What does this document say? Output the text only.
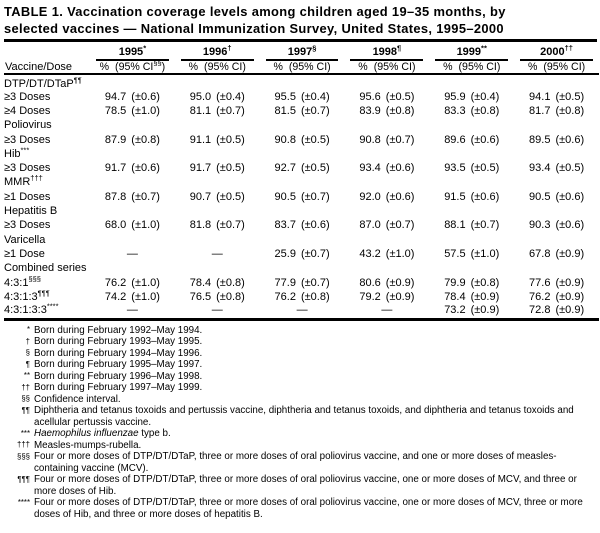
TABLE 1. Vaccination coverage levels among children aged 19–35 months, by
selected vaccines — National Immunization Survey, United States, 1995–2000

	1995*	1996†	1997§	1998¶	1999**	2000††

Vaccine/Dose	% (95% CI§§)	% (95% CI)	% (95% CI)	% (95% CI)	% (95% CI)	% (95% CI)
DTP/DT/DTaP¶¶
≥3 Doses	94.7 (±0.6)	95.0 (±0.4)	95.5 (±0.4)	95.6 (±0.5)	95.9 (±0.4)	94.1 (±0.5)
≥4 Doses	78.5 (±1.0)	81.1 (±0.7)	81.5 (±0.7)	83.9 (±0.8)	83.3 (±0.8)	81.7 (±0.8)
Poliovirus						
≥3 Doses	87.9 (±0.8)	91.1 (±0.5)	90.8 (±0.5)	90.8 (±0.7)	89.6 (±0.6)	89.5 (±0.6)
Hib***
≥3 Doses	91.7 (±0.6)	91.7 (±0.5)	92.7 (±0.5)	93.4 (±0.6)	93.5 (±0.5)	93.4 (±0.5)
MMR†††
≥1 Doses	87.8 (±0.7)	90.7 (±0.5)	90.5 (±0.7)	92.0 (±0.6)	91.5 (±0.6)	90.5 (±0.6)
Hepatitis B						
≥3 Doses	68.0 (±1.0)	81.8 (±0.7)	83.7 (±0.6)	87.0 (±0.7)	88.1 (±0.7)	90.3 (±0.6)
Varicella						
≥1 Dose	—	—	25.9 (±0.7)	43.2 (±1.0)	57.5 (±1.0)	67.8 (±0.9)
Combined series						
4:3:1§§§	76.2 (±1.0)	78.4 (±0.8)	77.9 (±0.7)	80.6 (±0.9)	79.9 (±0.8)	77.6 (±0.9)
4:3:1:3¶¶¶	74.2 (±1.0)	76.5 (±0.8)	76.2 (±0.8)	79.2 (±0.9)	78.4 (±0.9)	76.2 (±0.9)
4:3:1:3:3****	—	—	—	—	73.2 (±0.9)	72.8 (±0.9)
* Born during February 1992–May 1994.
† Born during February 1993–May 1995.
§ Born during February 1994–May 1996.
¶ Born during February 1995–May 1997.
** Born during February 1996–May 1998.
†† Born during February 1997–May 1999.
§§ Confidence interval.
¶¶ Diphtheria and tetanus toxoids and pertussis vaccine, diphtheria and tetanus toxoids, and diphtheria and tetanus toxoids and acellular pertussis vaccine.
*** Haemophilus influenzae type b.
††† Measles-mumps-rubella.
§§§ Four or more doses of DTP/DT/DTaP, three or more doses of oral poliovirus vaccine, and one or more doses of measles-containing vaccine (MCV).
¶¶¶ Four or more doses of DTP/DT/DTaP, three or more doses of oral poliovirus vaccine, one or more doses of MCV, and three or more doses of Hib.
**** Four or more doses of DTP/DT/DTaP, three or more doses of oral poliovirus vaccine, one or more doses of MCV, three or more doses of Hib, and three or more doses of hepatitis B.
